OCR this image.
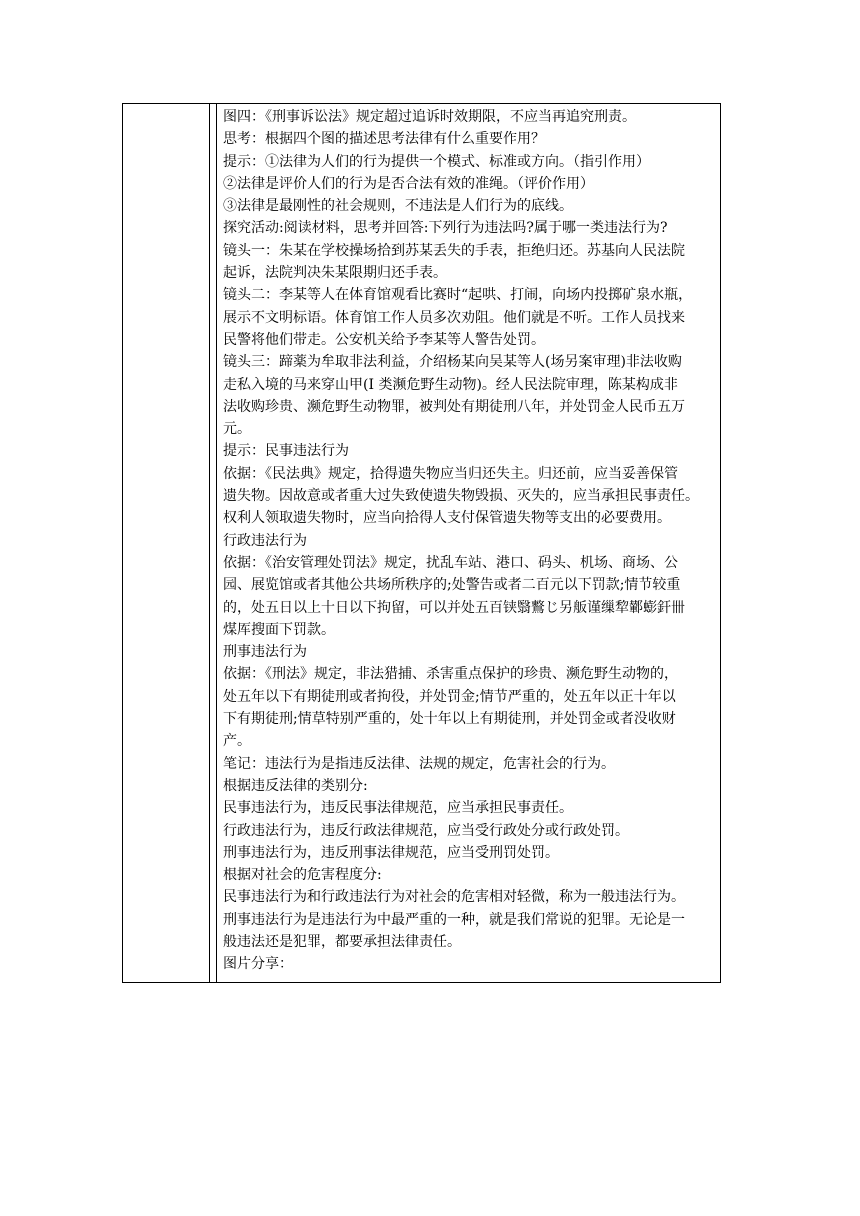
图四：《刑事诉讼法》规定超过追诉时效期限，不应当再追究刑责。
思考：根据四个图的描述思考法律有什么重要作用？
提示：①法律为人们的行为提供一个模式、标准或方向。（指引作用）
②法律是评价人们的行为是否合法有效的准绳。（评价作用）
③法律是最刚性的社会规则，不违法是人们行为的底线。
探究活动:阅读材料，思考并回答:下列行为违法吗?属于哪一类违法行为?
镜头一：朱某在学校操场拾到苏某丢失的手表，拒绝归还。苏基向人民法院
起诉，法院判决朱某限期归还手表。
镜头二：李某等人在体育馆观看比赛时“起哄、打闹，向场内投掷矿泉水瓶，
展示不文明标语。体育馆工作人员多次劝阻。他们就是不听。工作人员找来
民警将他们带走。公安机关给予李某等人警告处罚。
镜头三：蹄薬为牟取非法利益，介绍杨某向吴某等人(场另案审理)非法收购
走私入境的马来穿山甲(I 类濒危野生动物)。经人民法院审理，陈某构成非
法收购珍贵、濒危野生动物罪，被判处有期徒刑八年，并处罚金人民币五万
元。
提示：民事违法行为
依据：《民法典》规定，拾得遗失物应当归还失主。归还前，应当妥善保管
遗失物。因故意或者重大过失致使遗失物毁损、灭失的，应当承担民事责任。
权利人领取遗失物时，应当向拾得人支付保管遗失物等支出的必要费用。
行政违法行为
依据：《治安管理处罚法》规定，扰乱车站、港口、码头、机场、商场、公
园、展览馆或者其他公共场所秩序的;处警告或者二百元以下罚款;情节较重
的，处五日以上十日以下拘留，可以并处五百铗翳鷘じ另舨谨缫犂鄻蟛釬卌
煤厍搜面下罚款。
刑事违法行为
依据：《刑法》规定，非法猎捕、杀害重点保护的珍贵、濒危野生动物的，
处五年以下有期徒刑或者拘役，并处罚金;情节严重的，处五年以正十年以
下有期徒刑;情草特别严重的，处十年以上有期徒刑，并处罚金或者没收财
产。
笔记：违法行为是指违反法律、法规的规定，危害社会的行为。
根据违反法律的类别分:
民事违法行为，违反民事法律规范，应当承担民事责任。
行政违法行为，违反行政法律规范，应当受行政处分或行政处罚。
刑事违法行为，违反刑事法律规范，应当受刑罚处罚。
根据对社会的危害程度分:
民事违法行为和行政违法行为对社会的危害相对轻微，称为一般违法行为。
刑事违法行为是违法行为中最严重的一种，就是我们常说的犯罪。无论是一
般违法还是犯罪，都要承担法律责任。
图片分享：
